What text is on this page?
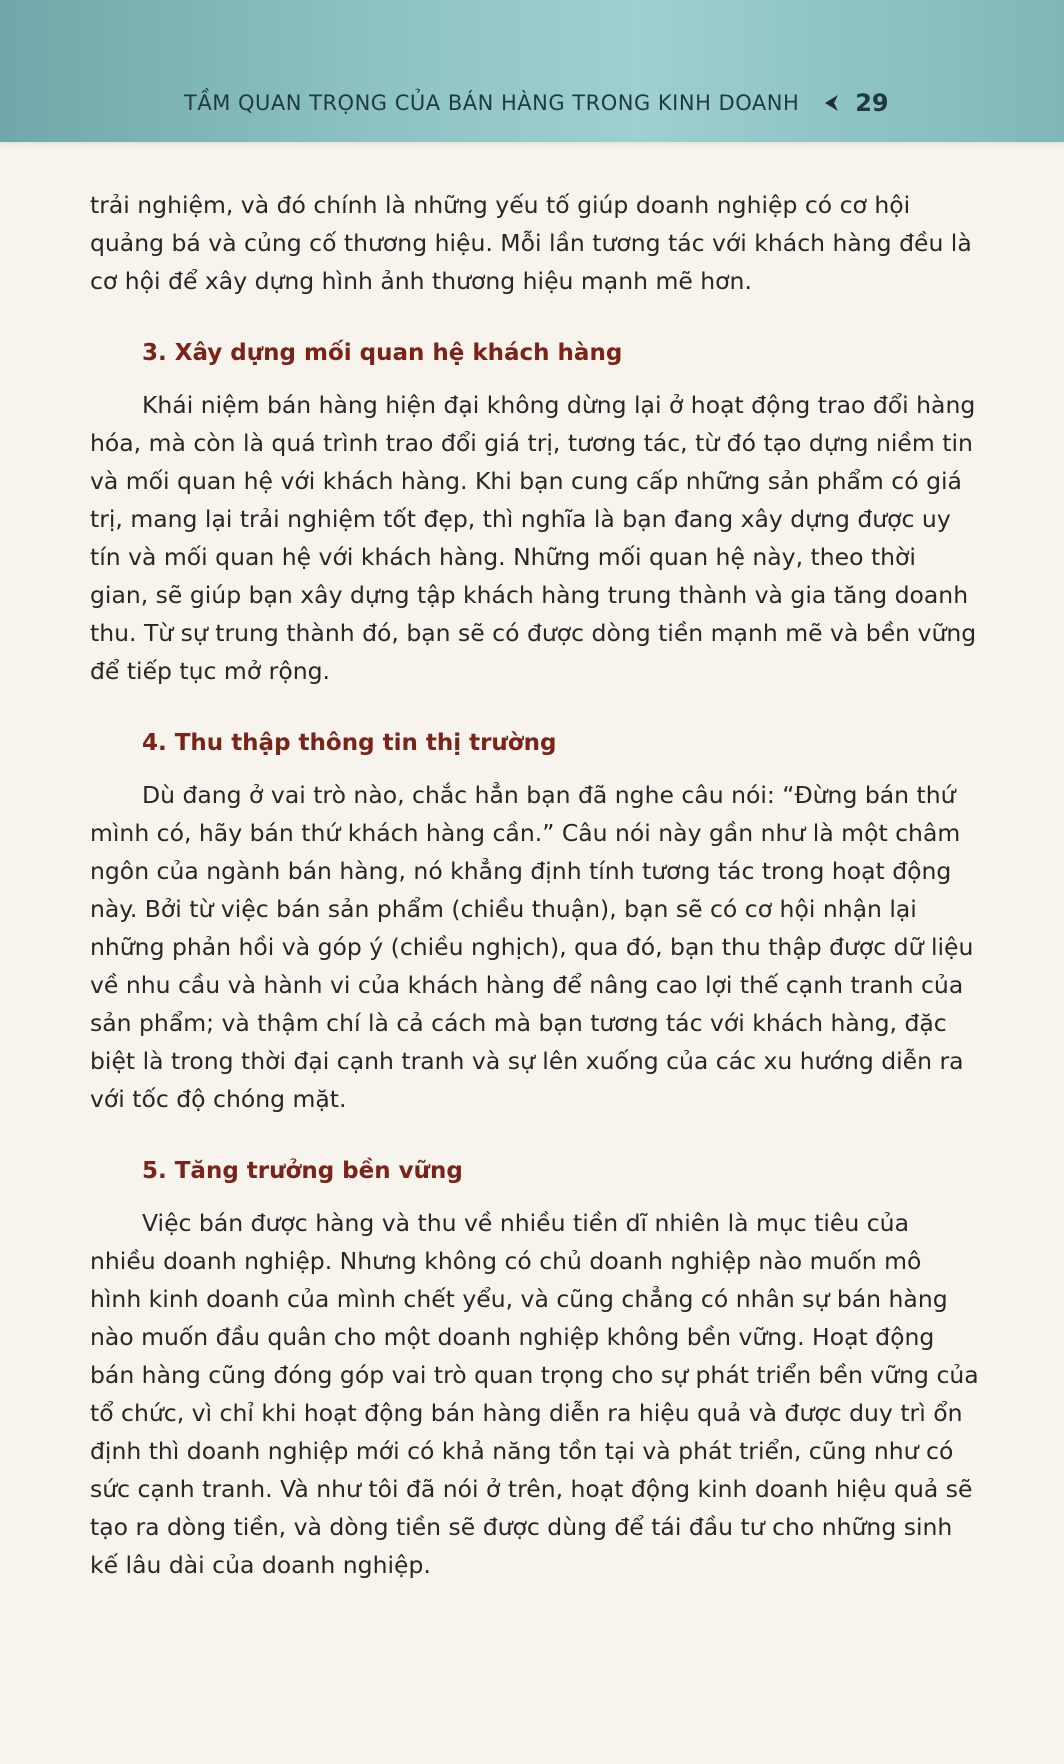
TẦM QUAN TRỌNG CỦA BÁN HÀNG TRONG KINH DOANH 29

trải nghiệm, và đó chính là những yếu tố giúp doanh nghiệp có cơ hội quảng bá và củng cố thương hiệu. Mỗi lần tương tác với khách hàng đều là cơ hội để xây dựng hình ảnh thương hiệu mạnh mẽ hơn.

3. Xây dựng mối quan hệ khách hàng

Khái niệm bán hàng hiện đại không dừng lại ở hoạt động trao đổi hàng hóa, mà còn là quá trình trao đổi giá trị, tương tác, từ đó tạo dựng niềm tin và mối quan hệ với khách hàng. Khi bạn cung cấp những sản phẩm có giá trị, mang lại trải nghiệm tốt đẹp, thì nghĩa là bạn đang xây dựng được uy tín và mối quan hệ với khách hàng. Những mối quan hệ này, theo thời gian, sẽ giúp bạn xây dựng tập khách hàng trung thành và gia tăng doanh thu. Từ sự trung thành đó, bạn sẽ có được dòng tiền mạnh mẽ và bền vững để tiếp tục mở rộng.

4. Thu thập thông tin thị trường

Dù đang ở vai trò nào, chắc hẳn bạn đã nghe câu nói: “Đừng bán thứ mình có, hãy bán thứ khách hàng cần.” Câu nói này gần như là một châm ngôn của ngành bán hàng, nó khẳng định tính tương tác trong hoạt động này. Bởi từ việc bán sản phẩm (chiều thuận), bạn sẽ có cơ hội nhận lại những phản hồi và góp ý (chiều nghịch), qua đó, bạn thu thập được dữ liệu về nhu cầu và hành vi của khách hàng để nâng cao lợi thế cạnh tranh của sản phẩm; và thậm chí là cả cách mà bạn tương tác với khách hàng, đặc biệt là trong thời đại cạnh tranh và sự lên xuống của các xu hướng diễn ra với tốc độ chóng mặt.

5. Tăng trưởng bền vững

Việc bán được hàng và thu về nhiều tiền dĩ nhiên là mục tiêu của nhiều doanh nghiệp. Nhưng không có chủ doanh nghiệp nào muốn mô hình kinh doanh của mình chết yểu, và cũng chẳng có nhân sự bán hàng nào muốn đầu quân cho một doanh nghiệp không bền vững. Hoạt động bán hàng cũng đóng góp vai trò quan trọng cho sự phát triển bền vững của tổ chức, vì chỉ khi hoạt động bán hàng diễn ra hiệu quả và được duy trì ổn định thì doanh nghiệp mới có khả năng tồn tại và phát triển, cũng như có sức cạnh tranh. Và như tôi đã nói ở trên, hoạt động kinh doanh hiệu quả sẽ tạo ra dòng tiền, và dòng tiền sẽ được dùng để tái đầu tư cho những sinh kế lâu dài của doanh nghiệp.
